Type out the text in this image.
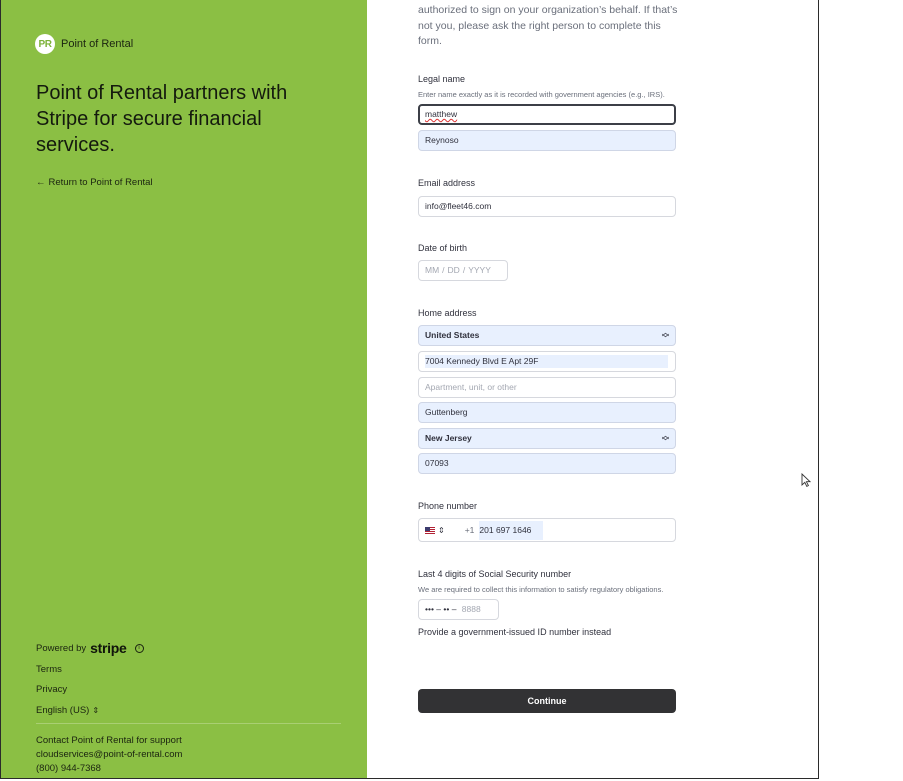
PR Point of Rental
Point of Rental partners with Stripe for secure financial services.
← Return to Point of Rental
Powered by stripe	i
Terms
Privacy
English (US) ⇕
Contact Point of Rental for support
cloudservices@point-of-rental.com
(800) 944-7368

authorized to sign on your organization’s behalf. If that’s not you, please ask the right person to complete this form.

Legal name
Enter name exactly as it is recorded with government agencies (e.g., IRS).
matthew
Reynoso
Email address
info@fleet46.com
Date of birth
MM / DD / YYYY
Home address
United States	︿
﹀
7004 Kennedy Blvd E Apt 29F
Apartment, unit, or other
Guttenberg
New Jersey	︿
﹀
07093
Phone number
⇕ +1 201 697 1646
Last 4 digits of Social Security number
We are required to collect this information to satisfy regulatory obligations.
••• – •• – 8888
Provide a government-issued ID number instead
Continue
